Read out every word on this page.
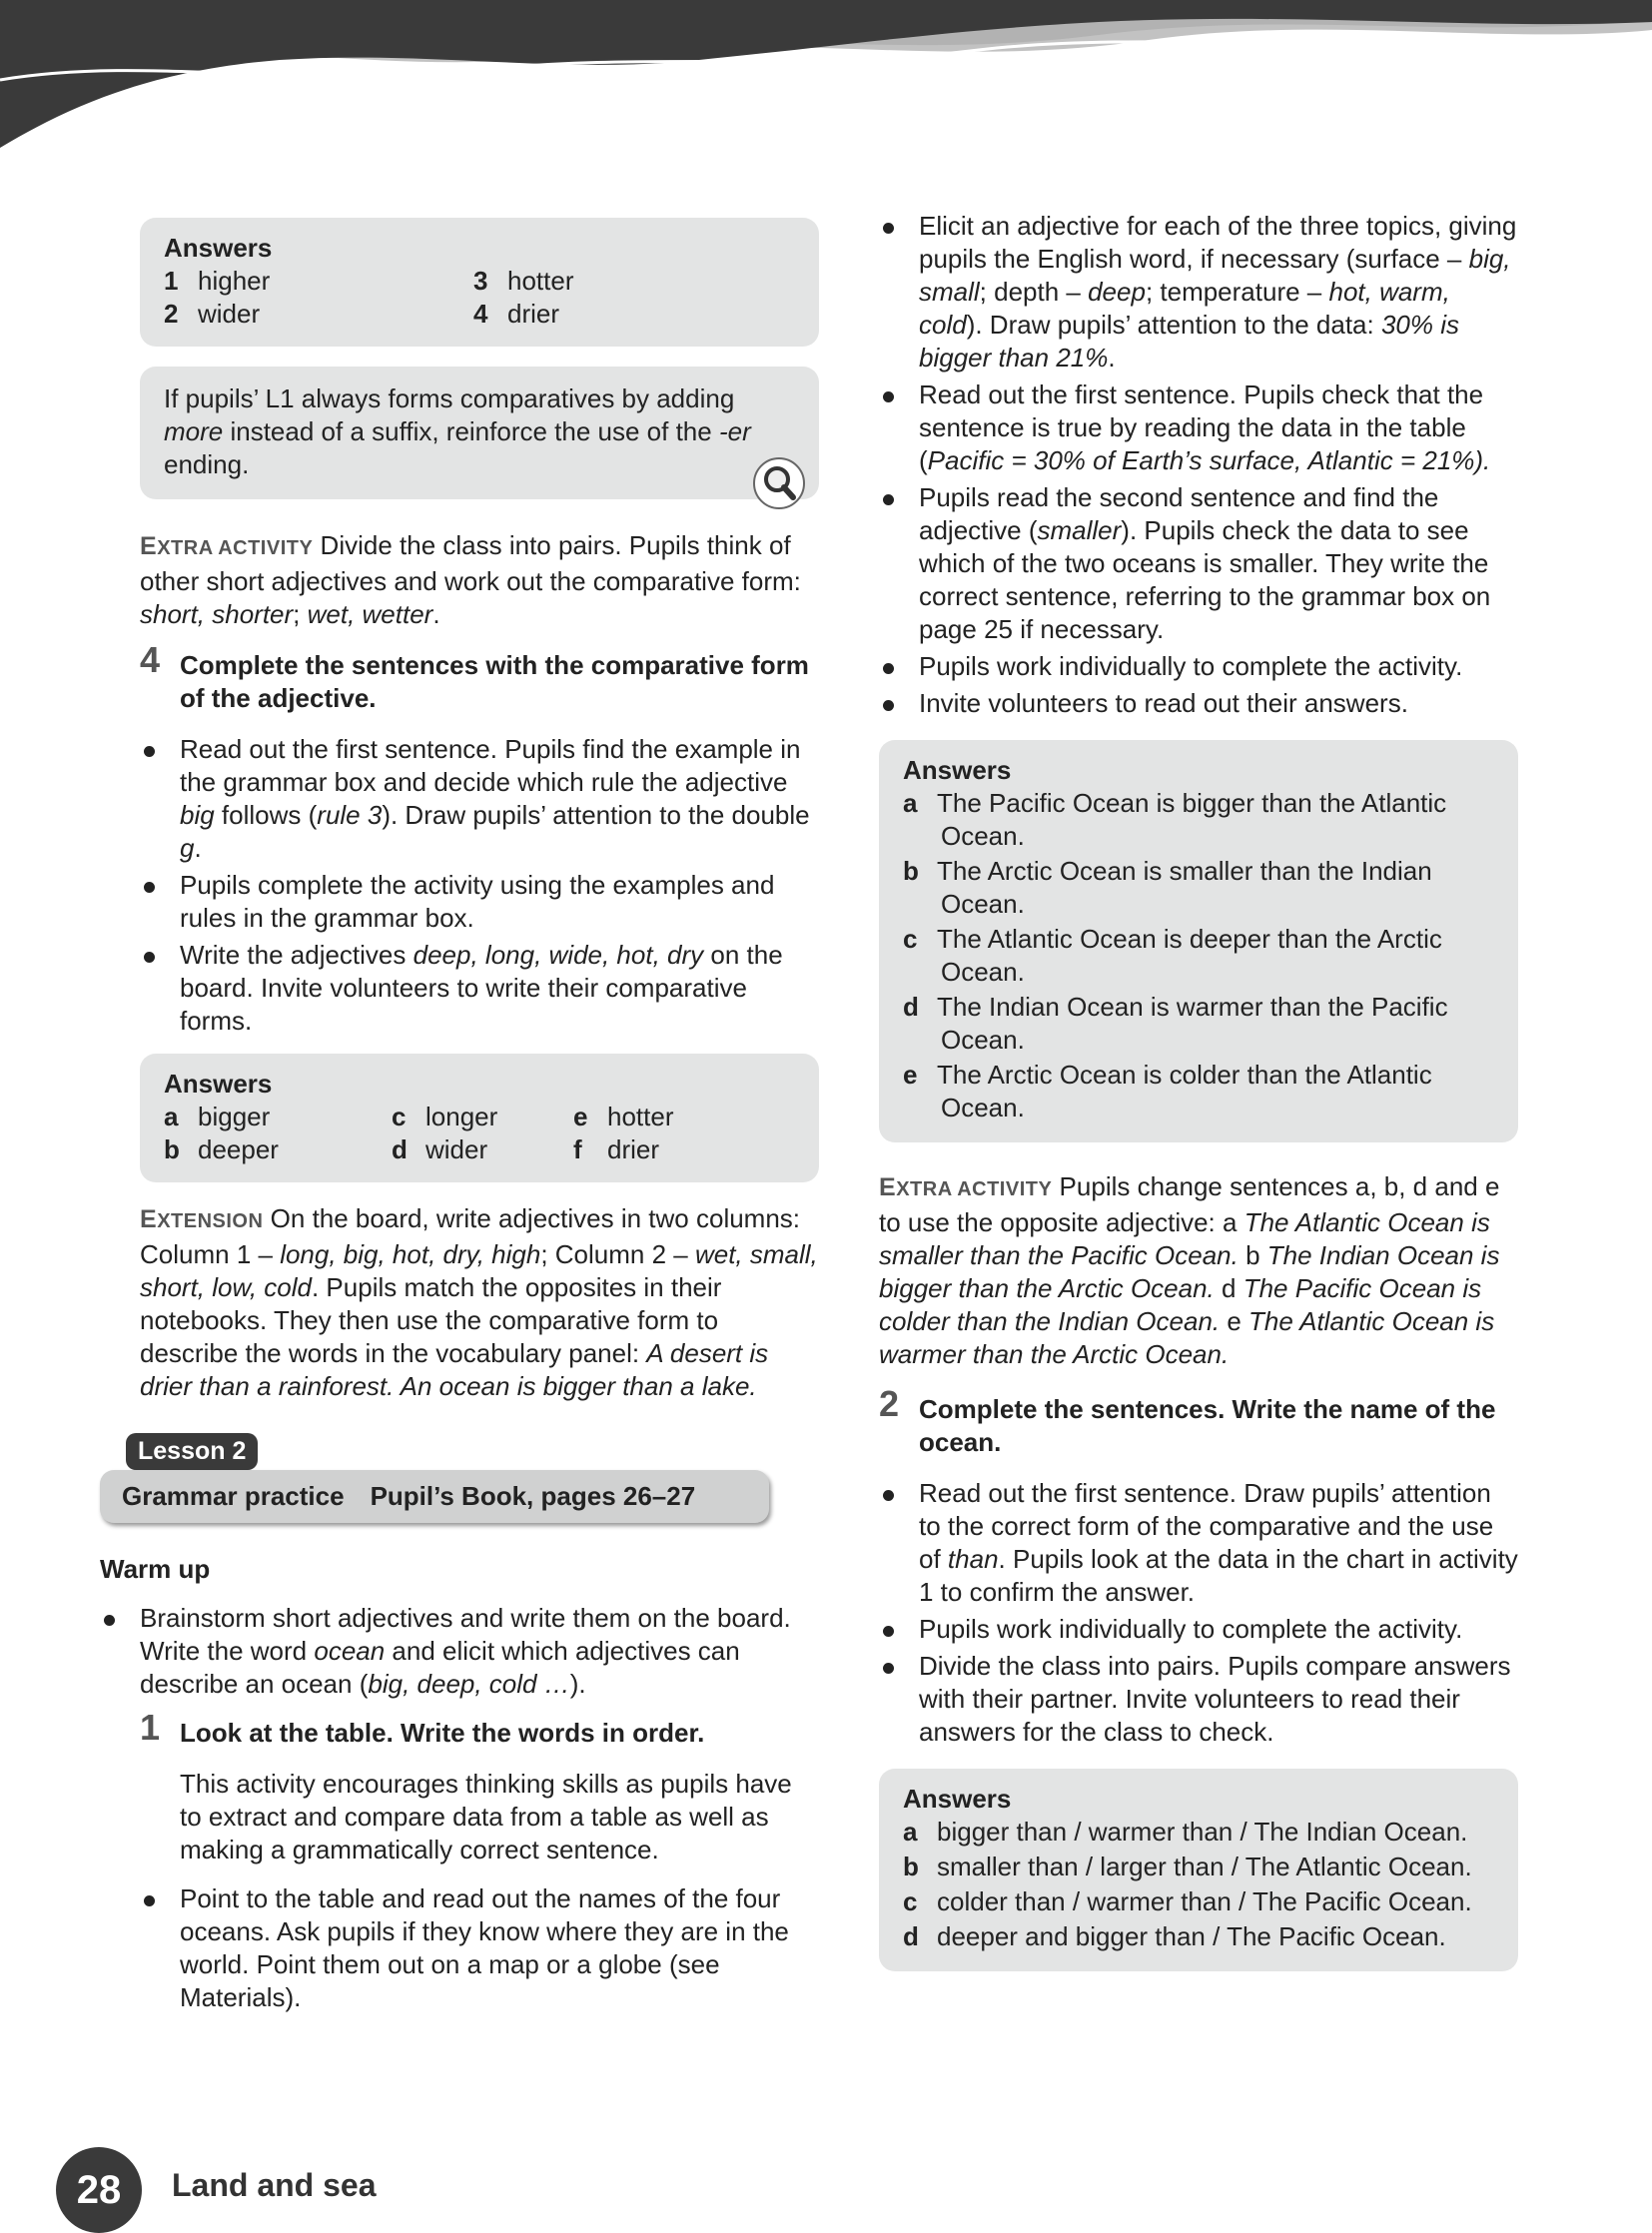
Answers
1 higher	3 hotter
2 wider	4 drier
If pupils’ L1 always forms comparatives by adding more instead of a suffix, reinforce the use of the -er ending.

EXTRA ACTIVITY Divide the class into pairs. Pupils think of other short adjectives and work out the comparative form: short, shorter; wet, wetter.

4 Complete the sentences with the comparative form of the adjective.
Read out the first sentence. Pupils find the example in the grammar box and decide which rule the adjective big follows (rule 3). Draw pupils’ attention to the double g.
Pupils complete the activity using the examples and rules in the grammar box.
Write the adjectives deep, long, wide, hot, dry on the board. Invite volunteers to write their comparative forms.
Answers
a bigger	c longer	e hotter
b deeper	d wider	f drier

EXTENSION On the board, write adjectives in two columns: Column 1 – long, big, hot, dry, high; Column 2 – wet, small, short, low, cold. Pupils match the opposites in their notebooks. They then use the comparative form to describe the words in the vocabulary panel: A desert is drier than a rainforest. An ocean is bigger than a lake.

Lesson 2
Grammar practice Pupil’s Book, pages 26–27
Warm up
Brainstorm short adjectives and write them on the board. Write the word ocean and elicit which adjectives can describe an ocean (big, deep, cold …).
1 Look at the table. Write the words in order.

This activity encourages thinking skills as pupils have to extract and compare data from a table as well as making a grammatically correct sentence.

Point to the table and read out the names of the four oceans. Ask pupils if they know where they are in the world. Point them out on a map or a globe (see Materials).
Elicit an adjective for each of the three topics, giving pupils the English word, if necessary (surface – big, small; depth – deep; temperature – hot, warm, cold). Draw pupils’ attention to the data: 30% is bigger than 21%.
Read out the first sentence. Pupils check that the sentence is true by reading the data in the table (Pacific = 30% of Earth’s surface, Atlantic = 21%).
Pupils read the second sentence and find the adjective (smaller). Pupils check the data to see which of the two oceans is smaller. They write the correct sentence, referring to the grammar box on page 25 if necessary.
Pupils work individually to complete the activity.
Invite volunteers to read out their answers.
Answers
a The Pacific Ocean is bigger than the Atlantic Ocean.
b The Arctic Ocean is smaller than the Indian Ocean.
c The Atlantic Ocean is deeper than the Arctic Ocean.
d The Indian Ocean is warmer than the Pacific Ocean.
e The Arctic Ocean is colder than the Atlantic Ocean.

EXTRA ACTIVITY Pupils change sentences a, b, d and e to use the opposite adjective: a The Atlantic Ocean is smaller than the Pacific Ocean. b The Indian Ocean is bigger than the Arctic Ocean. d The Pacific Ocean is colder than the Indian Ocean. e The Atlantic Ocean is warmer than the Arctic Ocean.

2 Complete the sentences. Write the name of the ocean.
Read out the first sentence. Draw pupils’ attention to the correct form of the comparative and the use of than. Pupils look at the data in the chart in activity 1 to confirm the answer.
Pupils work individually to complete the activity.
Divide the class into pairs. Pupils compare answers with their partner. Invite volunteers to read their answers for the class to check.
Answers
a bigger than / warmer than / The Indian Ocean.
b smaller than / larger than / The Atlantic Ocean.
c colder than / warmer than / The Pacific Ocean.
d deeper and bigger than / The Pacific Ocean.
28	Land and sea
